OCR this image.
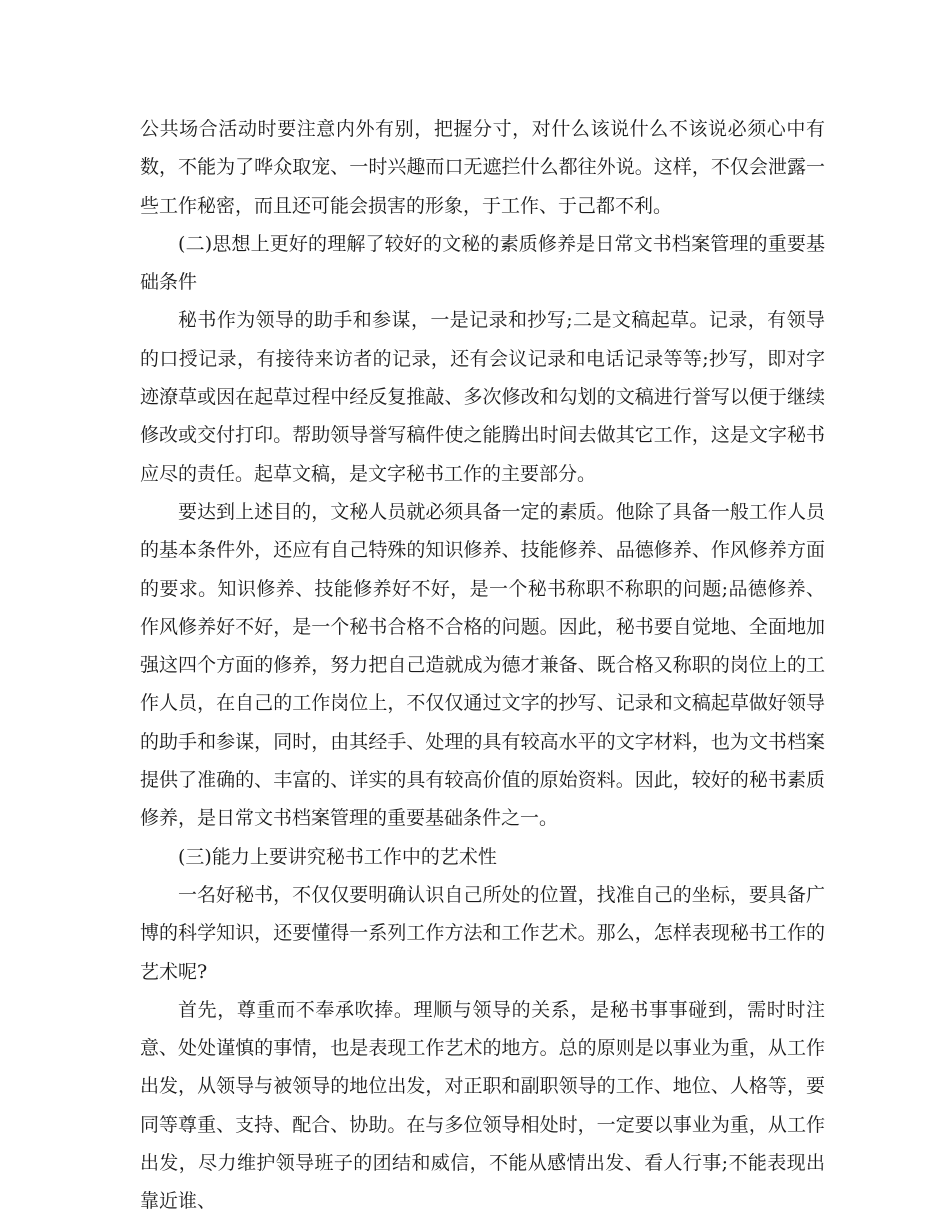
公共场合活动时要注意内外有别，把握分寸，对什么该说什么不该说必须心中有数，不能为了哗众取宠、一时兴趣而口无遮拦什么都往外说。这样，不仅会泄露一些工作秘密，而且还可能会损害的形象，于工作、于己都不利。

(二)思想上更好的理解了较好的文秘的素质修养是日常文书档案管理的重要基础条件

秘书作为领导的助手和参谋，一是记录和抄写;二是文稿起草。记录，有领导的口授记录，有接待来访者的记录，还有会议记录和电话记录等等;抄写，即对字迹潦草或因在起草过程中经反复推敲、多次修改和勾划的文稿进行誉写以便于继续修改或交付打印。帮助领导誉写稿件使之能腾出时间去做其它工作，这是文字秘书应尽的责任。起草文稿，是文字秘书工作的主要部分。

要达到上述目的，文秘人员就必须具备一定的素质。他除了具备一般工作人员的基本条件外，还应有自己特殊的知识修养、技能修养、品德修养、作风修养方面的要求。知识修养、技能修养好不好，是一个秘书称职不称职的问题;品德修养、作风修养好不好，是一个秘书合格不合格的问题。因此，秘书要自觉地、全面地加强这四个方面的修养，努力把自己造就成为德才兼备、既合格又称职的岗位上的工作人员，在自己的工作岗位上，不仅仅通过文字的抄写、记录和文稿起草做好领导的助手和参谋，同时，由其经手、处理的具有较高水平的文字材料，也为文书档案提供了准确的、丰富的、详实的具有较高价值的原始资料。因此，较好的秘书素质修养，是日常文书档案管理的重要基础条件之一。

(三)能力上要讲究秘书工作中的艺术性

一名好秘书，不仅仅要明确认识自己所处的位置，找准自己的坐标，要具备广博的科学知识，还要懂得一系列工作方法和工作艺术。那么，怎样表现秘书工作的艺术呢?

首先，尊重而不奉承吹捧。理顺与领导的关系，是秘书事事碰到，需时时注意、处处谨慎的事情，也是表现工作艺术的地方。总的原则是以事业为重，从工作出发，从领导与被领导的地位出发，对正职和副职领导的工作、地位、人格等，要同等尊重、支持、配合、协助。在与多位领导相处时，一定要以事业为重，从工作出发，尽力维护领导班子的团结和威信，不能从感情出发、看人行事;不能表现出靠近谁、
